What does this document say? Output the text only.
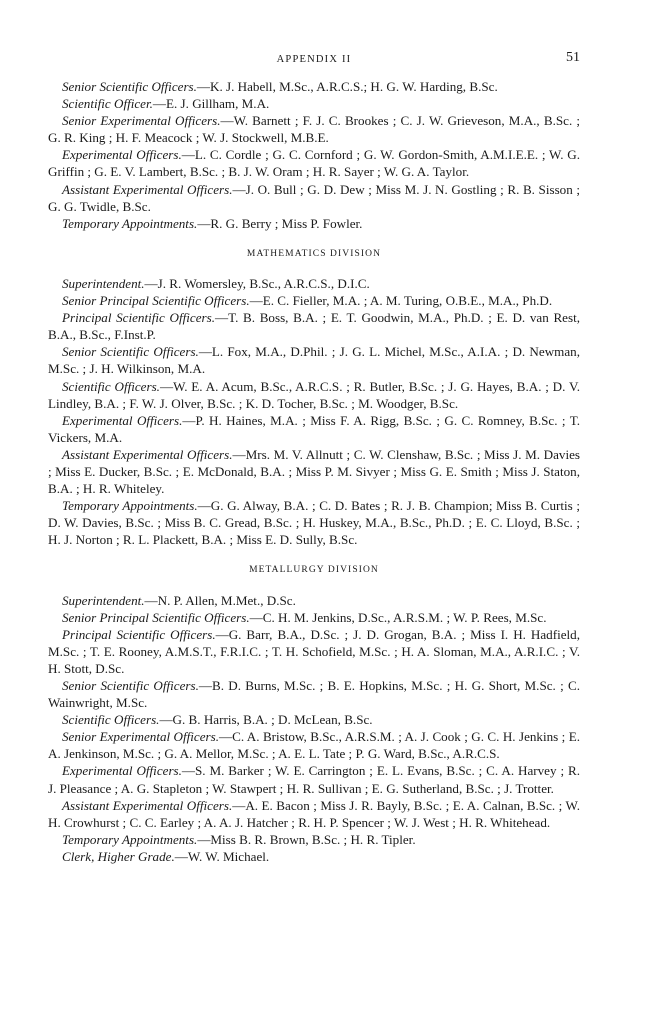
APPENDIX II	51

Senior Scientific Officers.—K. J. Habell, M.Sc., A.R.C.S.; H. G. W. Harding, B.Sc.

Scientific Officer.—E. J. Gillham, M.A.

Senior Experimental Officers.—W. Barnett ; F. J. C. Brookes ; C. J. W. Grieveson, M.A., B.Sc. ; G. R. King ; H. F. Meacock ; W. J. Stockwell, M.B.E.

Experimental Officers.—L. C. Cordle ; G. C. Cornford ; G. W. Gordon-Smith, A.M.I.E.E. ; W. G. Griffin ; G. E. V. Lambert, B.Sc. ; B. J. W. Oram ; H. R. Sayer ; W. G. A. Taylor.

Assistant Experimental Officers.—J. O. Bull ; G. D. Dew ; Miss M. J. N. Gostling ; R. B. Sisson ; G. G. Twidle, B.Sc.

Temporary Appointments.—R. G. Berry ; Miss P. Fowler.

MATHEMATICS DIVISION

Superintendent.—J. R. Womersley, B.Sc., A.R.C.S., D.I.C.

Senior Principal Scientific Officers.—E. C. Fieller, M.A. ; A. M. Turing, O.B.E., M.A., Ph.D.

Principal Scientific Officers.—T. B. Boss, B.A. ; E. T. Goodwin, M.A., Ph.D. ; E. D. van Rest, B.A., B.Sc., F.Inst.P.

Senior Scientific Officers.—L. Fox, M.A., D.Phil. ; J. G. L. Michel, M.Sc., A.I.A. ; D. Newman, M.Sc. ; J. H. Wilkinson, M.A.

Scientific Officers.—W. E. A. Acum, B.Sc., A.R.C.S. ; R. Butler, B.Sc. ; J. G. Hayes, B.A. ; D. V. Lindley, B.A. ; F. W. J. Olver, B.Sc. ; K. D. Tocher, B.Sc. ; M. Woodger, B.Sc.

Experimental Officers.—P. H. Haines, M.A. ; Miss F. A. Rigg, B.Sc. ; G. C. Romney, B.Sc. ; T. Vickers, M.A.

Assistant Experimental Officers.—Mrs. M. V. Allnutt ; C. W. Clenshaw, B.Sc. ; Miss J. M. Davies ; Miss E. Ducker, B.Sc. ; E. McDonald, B.A. ; Miss P. M. Sivyer ; Miss G. E. Smith ; Miss J. Staton, B.A. ; H. R. Whiteley.

Temporary Appointments.—G. G. Alway, B.A. ; C. D. Bates ; R. J. B. Champion; Miss B. Curtis ; D. W. Davies, B.Sc. ; Miss B. C. Gread, B.Sc. ; H. Huskey, M.A., B.Sc., Ph.D. ; E. C. Lloyd, B.Sc. ; H. J. Norton ; R. L. Plackett, B.A. ; Miss E. D. Sully, B.Sc.

METALLURGY DIVISION

Superintendent.—N. P. Allen, M.Met., D.Sc.

Senior Principal Scientific Officers.—C. H. M. Jenkins, D.Sc., A.R.S.M. ; W. P. Rees, M.Sc.

Principal Scientific Officers.—G. Barr, B.A., D.Sc. ; J. D. Grogan, B.A. ; Miss I. H. Hadfield, M.Sc. ; T. E. Rooney, A.M.S.T., F.R.I.C. ; T. H. Schofield, M.Sc. ; H. A. Sloman, M.A., A.R.I.C. ; V. H. Stott, D.Sc.

Senior Scientific Officers.—B. D. Burns, M.Sc. ; B. E. Hopkins, M.Sc. ; H. G. Short, M.Sc. ; C. Wainwright, M.Sc.

Scientific Officers.—G. B. Harris, B.A. ; D. McLean, B.Sc.

Senior Experimental Officers.—C. A. Bristow, B.Sc., A.R.S.M. ; A. J. Cook ; G. C. H. Jenkins ; E. A. Jenkinson, M.Sc. ; G. A. Mellor, M.Sc. ; A. E. L. Tate ; P. G. Ward, B.Sc., A.R.C.S.

Experimental Officers.—S. M. Barker ; W. E. Carrington ; E. L. Evans, B.Sc. ; C. A. Harvey ; R. J. Pleasance ; A. G. Stapleton ; W. Stawpert ; H. R. Sullivan ; E. G. Sutherland, B.Sc. ; J. Trotter.

Assistant Experimental Officers.—A. E. Bacon ; Miss J. R. Bayly, B.Sc. ; E. A. Calnan, B.Sc. ; W. H. Crowhurst ; C. C. Earley ; A. A. J. Hatcher ; R. H. P. Spencer ; W. J. West ; H. R. Whitehead.

Temporary Appointments.—Miss B. R. Brown, B.Sc. ; H. R. Tipler.

Clerk, Higher Grade.—W. W. Michael.
